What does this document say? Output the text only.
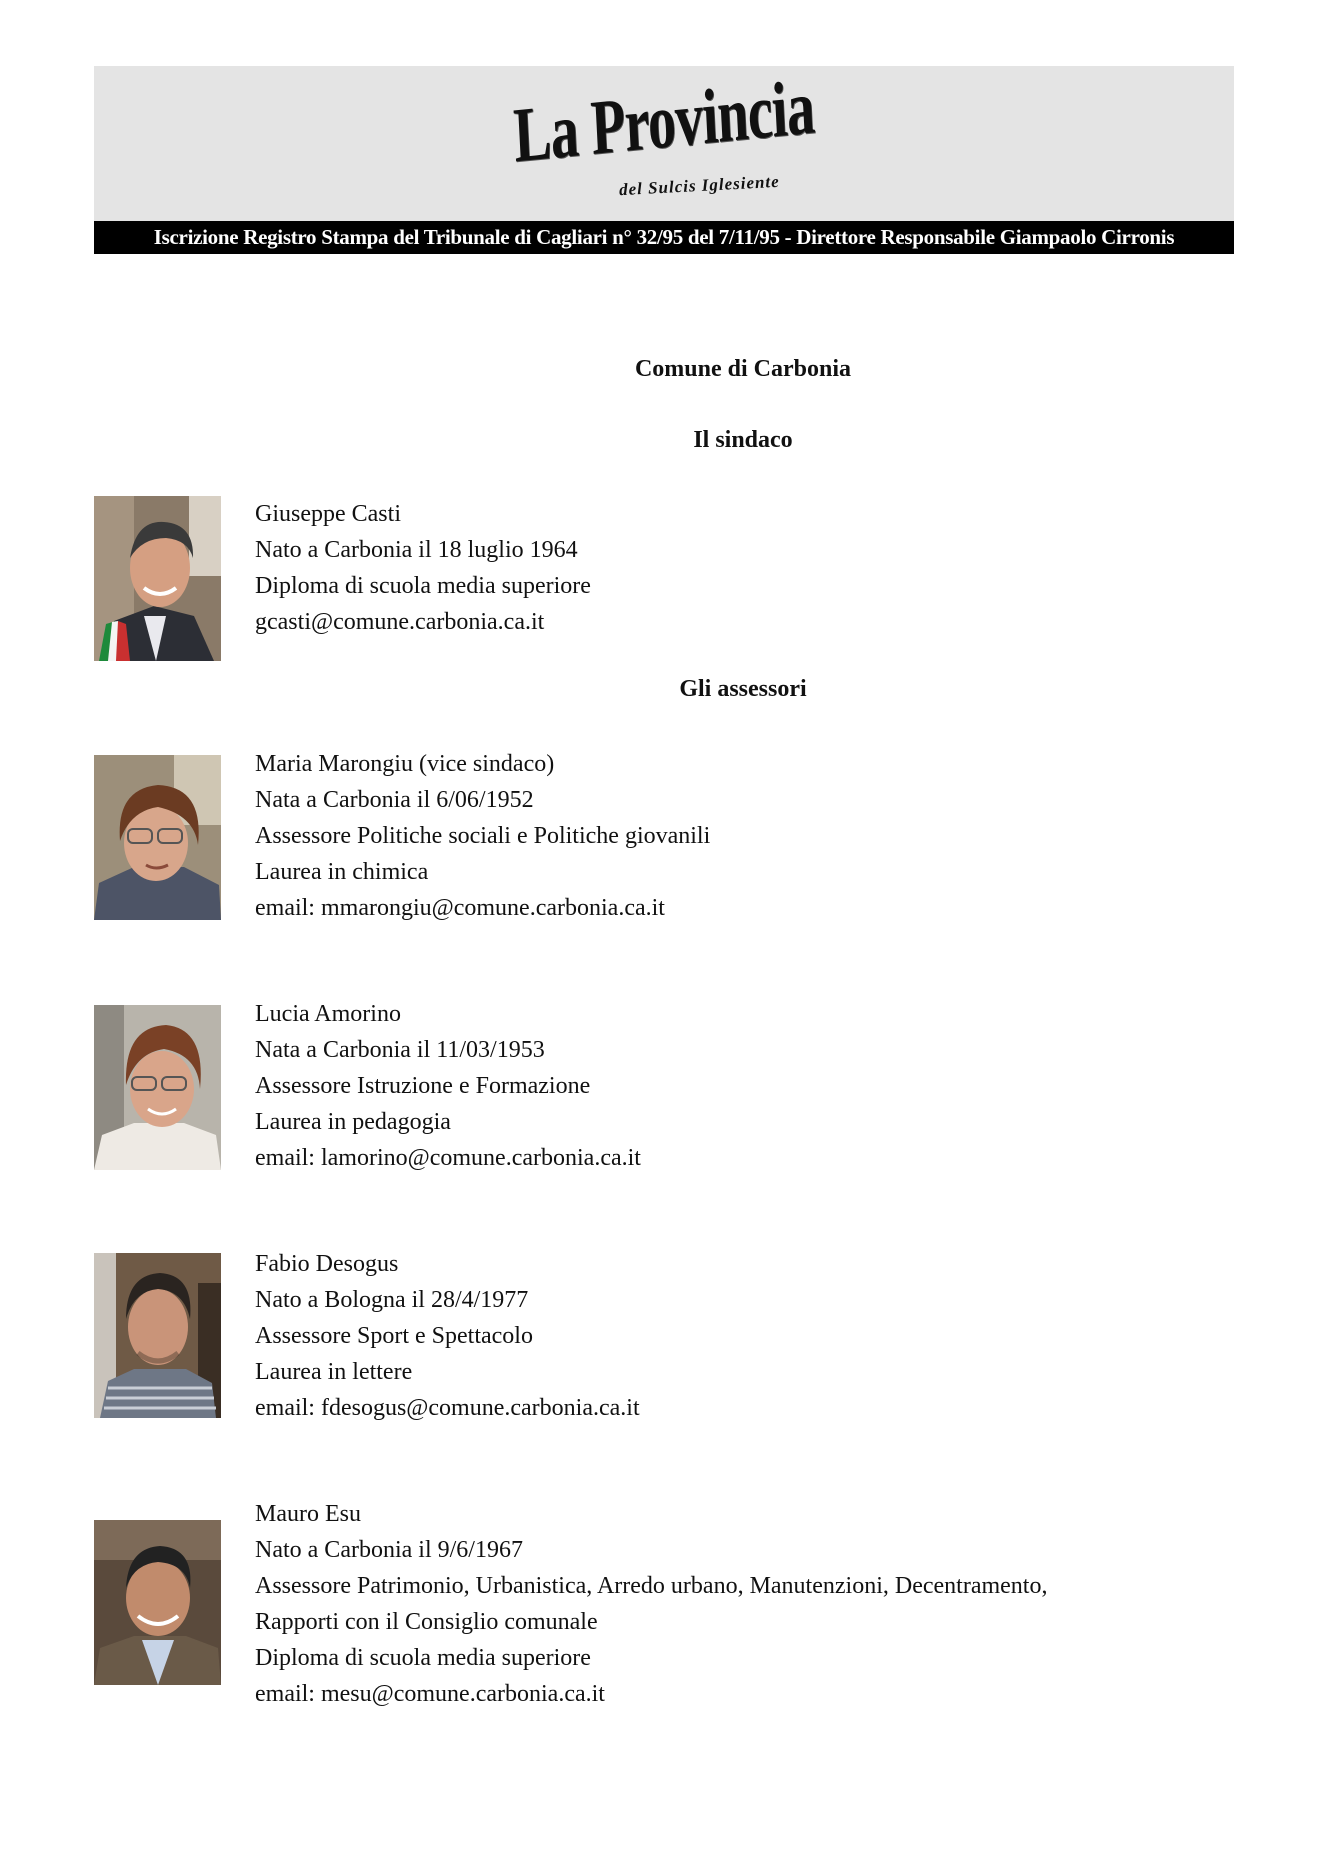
La Provincia
del Sulcis Iglesiente
Iscrizione Registro Stampa del Tribunale di Cagliari n° 32/95 del 7/11/95 - Direttore Responsabile Giampaolo Cirronis
Comune di Carbonia
Il sindaco
Giuseppe Casti
Nato a Carbonia il 18 luglio 1964
Diploma di scuola media superiore
gcasti@comune.carbonia.ca.it
Gli assessori
Maria Marongiu (vice sindaco)
Nata a Carbonia il 6/06/1952
Assessore Politiche sociali e Politiche giovanili
Laurea in chimica
email: mmarongiu@comune.carbonia.ca.it
Lucia Amorino
Nata a Carbonia il 11/03/1953
Assessore Istruzione e Formazione
Laurea in pedagogia
email: lamorino@comune.carbonia.ca.it
Fabio Desogus
Nato a Bologna il 28/4/1977
Assessore Sport e Spettacolo
Laurea in lettere
email: fdesogus@comune.carbonia.ca.it
Mauro Esu
Nato a Carbonia il 9/6/1967
Assessore Patrimonio, Urbanistica, Arredo urbano, Manutenzioni, Decentramento,
Rapporti con il Consiglio comunale
Diploma di scuola media superiore
email: mesu@comune.carbonia.ca.it
